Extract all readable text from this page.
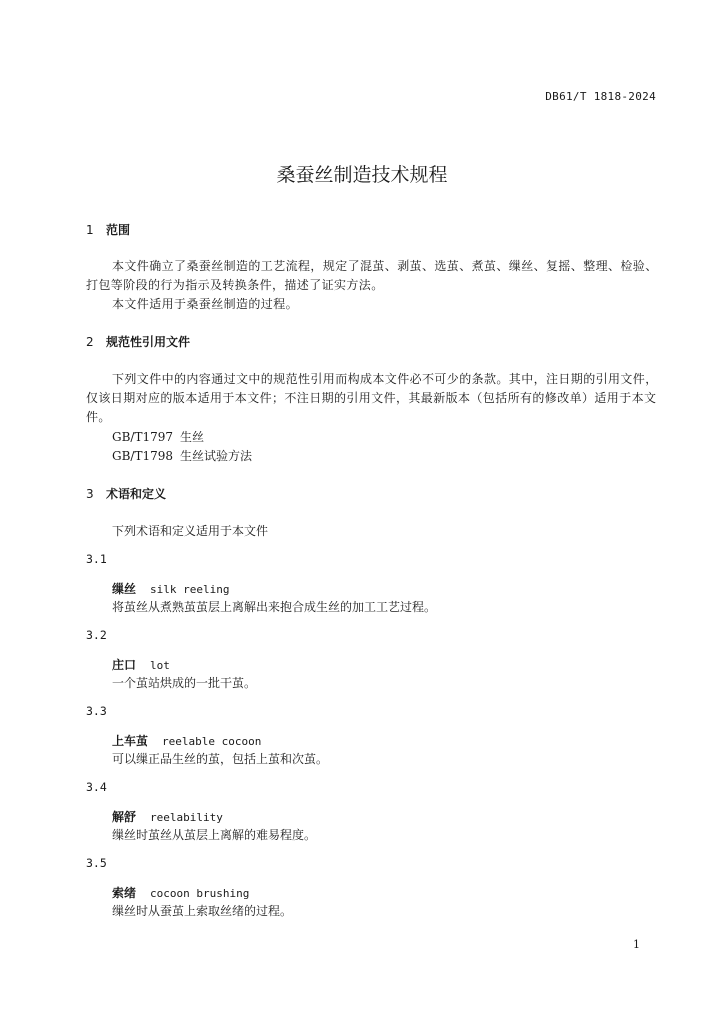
DB61/T 1818-2024
桑蚕丝制造技术规程
1 范围

本文件确立了桑蚕丝制造的工艺流程，规定了混茧、剥茧、选茧、煮茧、缫丝、复摇、整理、检验、打包等阶段的行为指示及转换条件，描述了证实方法。

本文件适用于桑蚕丝制造的过程。

2 规范性引用文件

下列文件中的内容通过文中的规范性引用而构成本文件必不可少的条款。其中，注日期的引用文件，仅该日期对应的版本适用于本文件；不注日期的引用文件，其最新版本（包括所有的修改单）适用于本文件。

GB/T1797 生丝

GB/T1798 生丝试验方法

3 术语和定义

下列术语和定义适用于本文件

3.1

缫丝 silk reeling

将茧丝从煮熟茧茧层上离解出来抱合成生丝的加工工艺过程。

3.2

庄口 lot

一个茧站烘成的一批干茧。

3.3

上车茧 reelable cocoon

可以缫正品生丝的茧，包括上茧和次茧。

3.4

解舒 reelability

缫丝时茧丝从茧层上离解的难易程度。

3.5

索绪 cocoon brushing

缫丝时从蚕茧上索取丝绪的过程。

1
